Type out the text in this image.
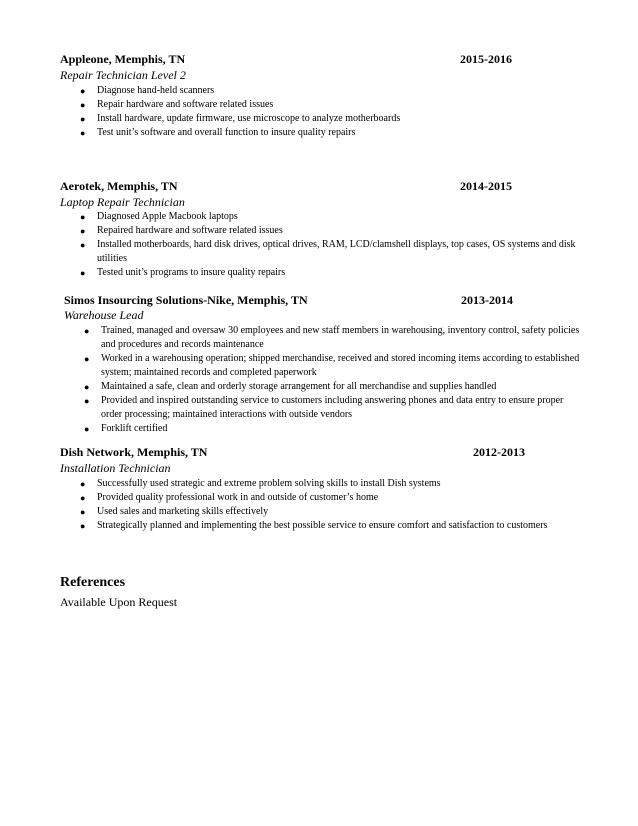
Appleone, Memphis, TN	2015-2016
Repair Technician Level 2
● Diagnose hand-held scanners
● Repair hardware and software related issues
● Install hardware, update firmware, use microscope to analyze motherboards
● Test unit’s software and overall function to insure quality repairs
Aerotek, Memphis, TN	2014-2015
Laptop Repair Technician
● Diagnosed Apple Macbook laptops
● Repaired hardware and software related issues
● Installed motherboards, hard disk drives, optical drives, RAM, LCD/clamshell displays, top cases, OS systems and disk utilities
● Tested unit’s programs to insure quality repairs
Simos Insourcing Solutions-Nike, Memphis, TN	2013-2014
Warehouse Lead
● Trained, managed and oversaw 30 employees and new staff members in warehousing, inventory control, safety policies and procedures and records maintenance
● Worked in a warehousing operation; shipped merchandise, received and stored incoming items according to established system; maintained records and completed paperwork
● Maintained a safe, clean and orderly storage arrangement for all merchandise and supplies handled
● Provided and inspired outstanding service to customers including answering phones and data entry to ensure proper order processing; maintained interactions with outside vendors
● Forklift certified
Dish Network, Memphis, TN	2012-2013
Installation Technician
● Successfully used strategic and extreme problem solving skills to install Dish systems
● Provided quality professional work in and outside of customer’s home
● Used sales and marketing skills effectively
● Strategically planned and implementing the best possible service to ensure comfort and satisfaction to customers
References
Available Upon Request
